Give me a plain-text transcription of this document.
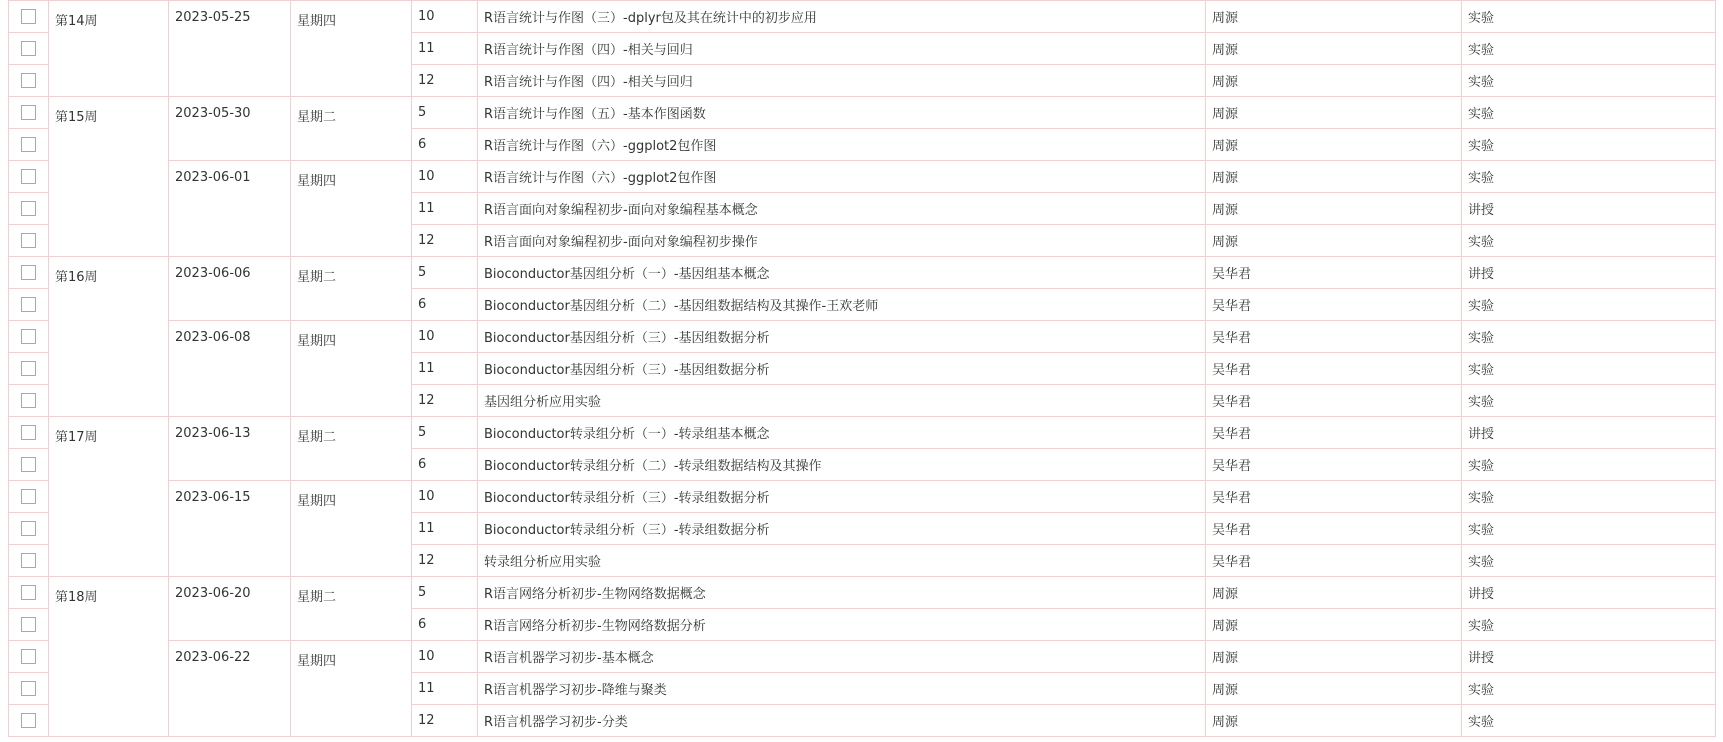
	第14周	2023-05-25	星期四	10	R语言统计与作图（三）-dplyr包及其在统计中的初步应用	周源	实验
				11	R语言统计与作图（四）-相关与回归	周源	实验
				12	R语言统计与作图（四）-相关与回归	周源	实验
	第15周	2023-05-30	星期二	5	R语言统计与作图（五）-基本作图函数	周源	实验
				6	R语言统计与作图（六）-ggplot2包作图	周源	实验
		2023-06-01	星期四	10	R语言统计与作图（六）-ggplot2包作图	周源	实验
				11	R语言面向对象编程初步-面向对象编程基本概念	周源	讲授
				12	R语言面向对象编程初步-面向对象编程初步操作	周源	实验
	第16周	2023-06-06	星期二	5	Bioconductor基因组分析（一）-基因组基本概念	吴华君	讲授
				6	Bioconductor基因组分析（二）-基因组数据结构及其操作-王欢老师	吴华君	实验
		2023-06-08	星期四	10	Bioconductor基因组分析（三）-基因组数据分析	吴华君	实验
				11	Bioconductor基因组分析（三）-基因组数据分析	吴华君	实验
				12	基因组分析应用实验	吴华君	实验
	第17周	2023-06-13	星期二	5	Bioconductor转录组分析（一）-转录组基本概念	吴华君	讲授
				6	Bioconductor转录组分析（二）-转录组数据结构及其操作	吴华君	实验
		2023-06-15	星期四	10	Bioconductor转录组分析（三）-转录组数据分析	吴华君	实验
				11	Bioconductor转录组分析（三）-转录组数据分析	吴华君	实验
				12	转录组分析应用实验	吴华君	实验
	第18周	2023-06-20	星期二	5	R语言网络分析初步-生物网络数据概念	周源	讲授
				6	R语言网络分析初步-生物网络数据分析	周源	实验
		2023-06-22	星期四	10	R语言机器学习初步-基本概念	周源	讲授
				11	R语言机器学习初步-降维与聚类	周源	实验
				12	R语言机器学习初步-分类	周源	实验
